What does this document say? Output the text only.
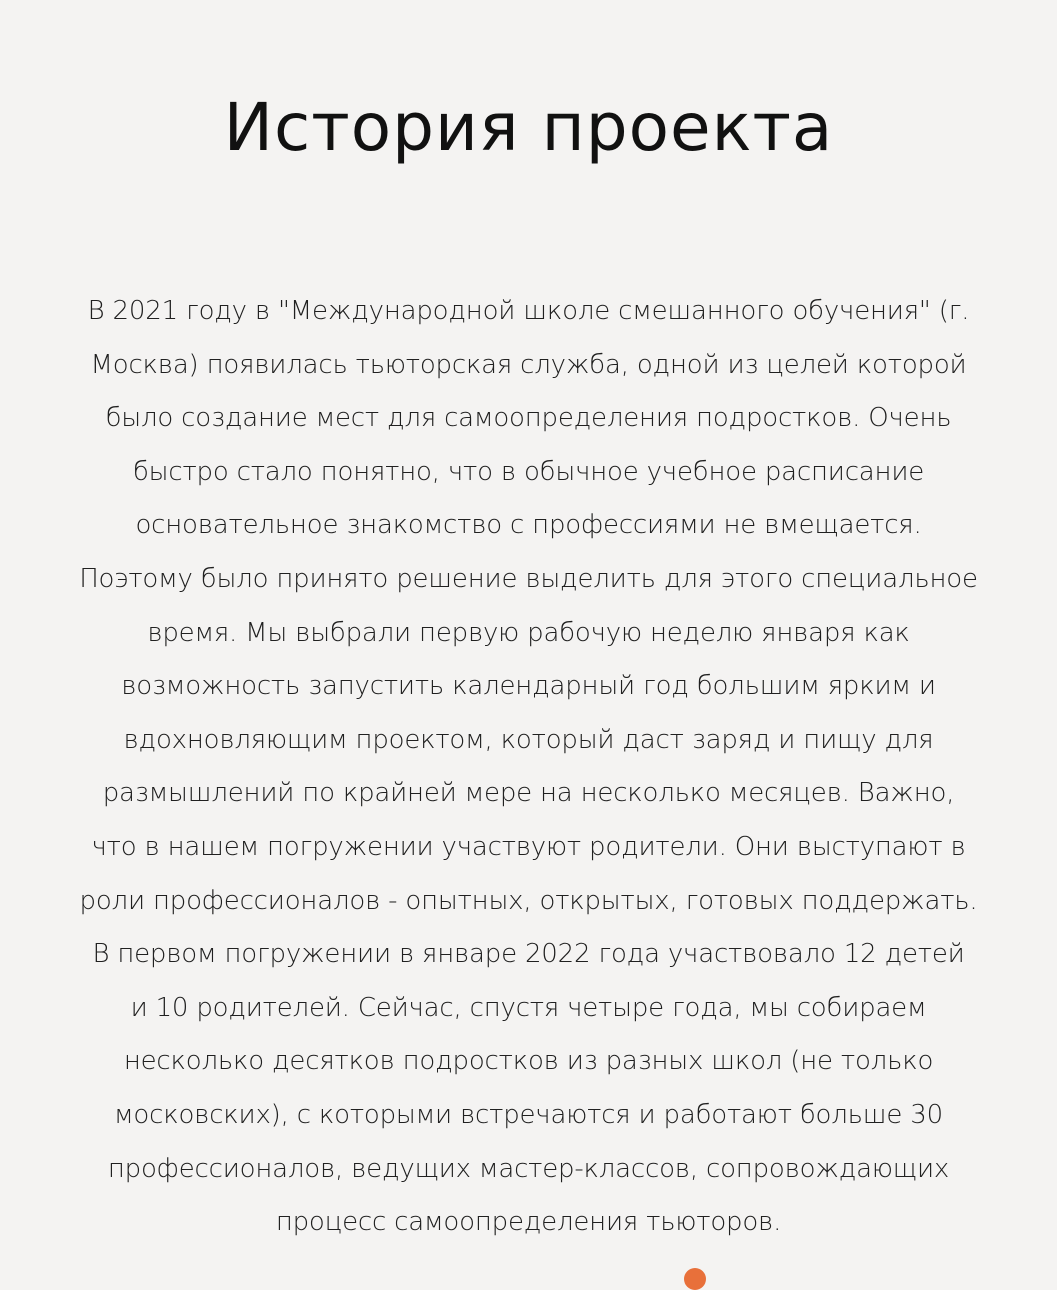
История проекта
В 2021 году в "Международной школе смешанного обучения" (г.
Москва) появилась тьюторская служба, одной из целей которой
было создание мест для самоопределения подростков. Очень
быстро стало понятно, что в обычное учебное расписание
основательное знакомство с профессиями не вмещается.
Поэтому было принято решение выделить для этого специальное
время. Мы выбрали первую рабочую неделю января как
возможность запустить календарный год большим ярким и
вдохновляющим проектом, который даст заряд и пищу для
размышлений по крайней мере на несколько месяцев. Важно,
что в нашем погружении участвуют родители. Они выступают в
роли профессионалов - опытных, открытых, готовых поддержать.
В первом погружении в январе 2022 года участвовало 12 детей
и 10 родителей. Сейчас, спустя четыре года, мы собираем
несколько десятков подростков из разных школ (не только
московских), с которыми встречаются и работают больше 30
профессионалов, ведущих мастер-классов, сопровождающих
процесс самоопределения тьюторов.
